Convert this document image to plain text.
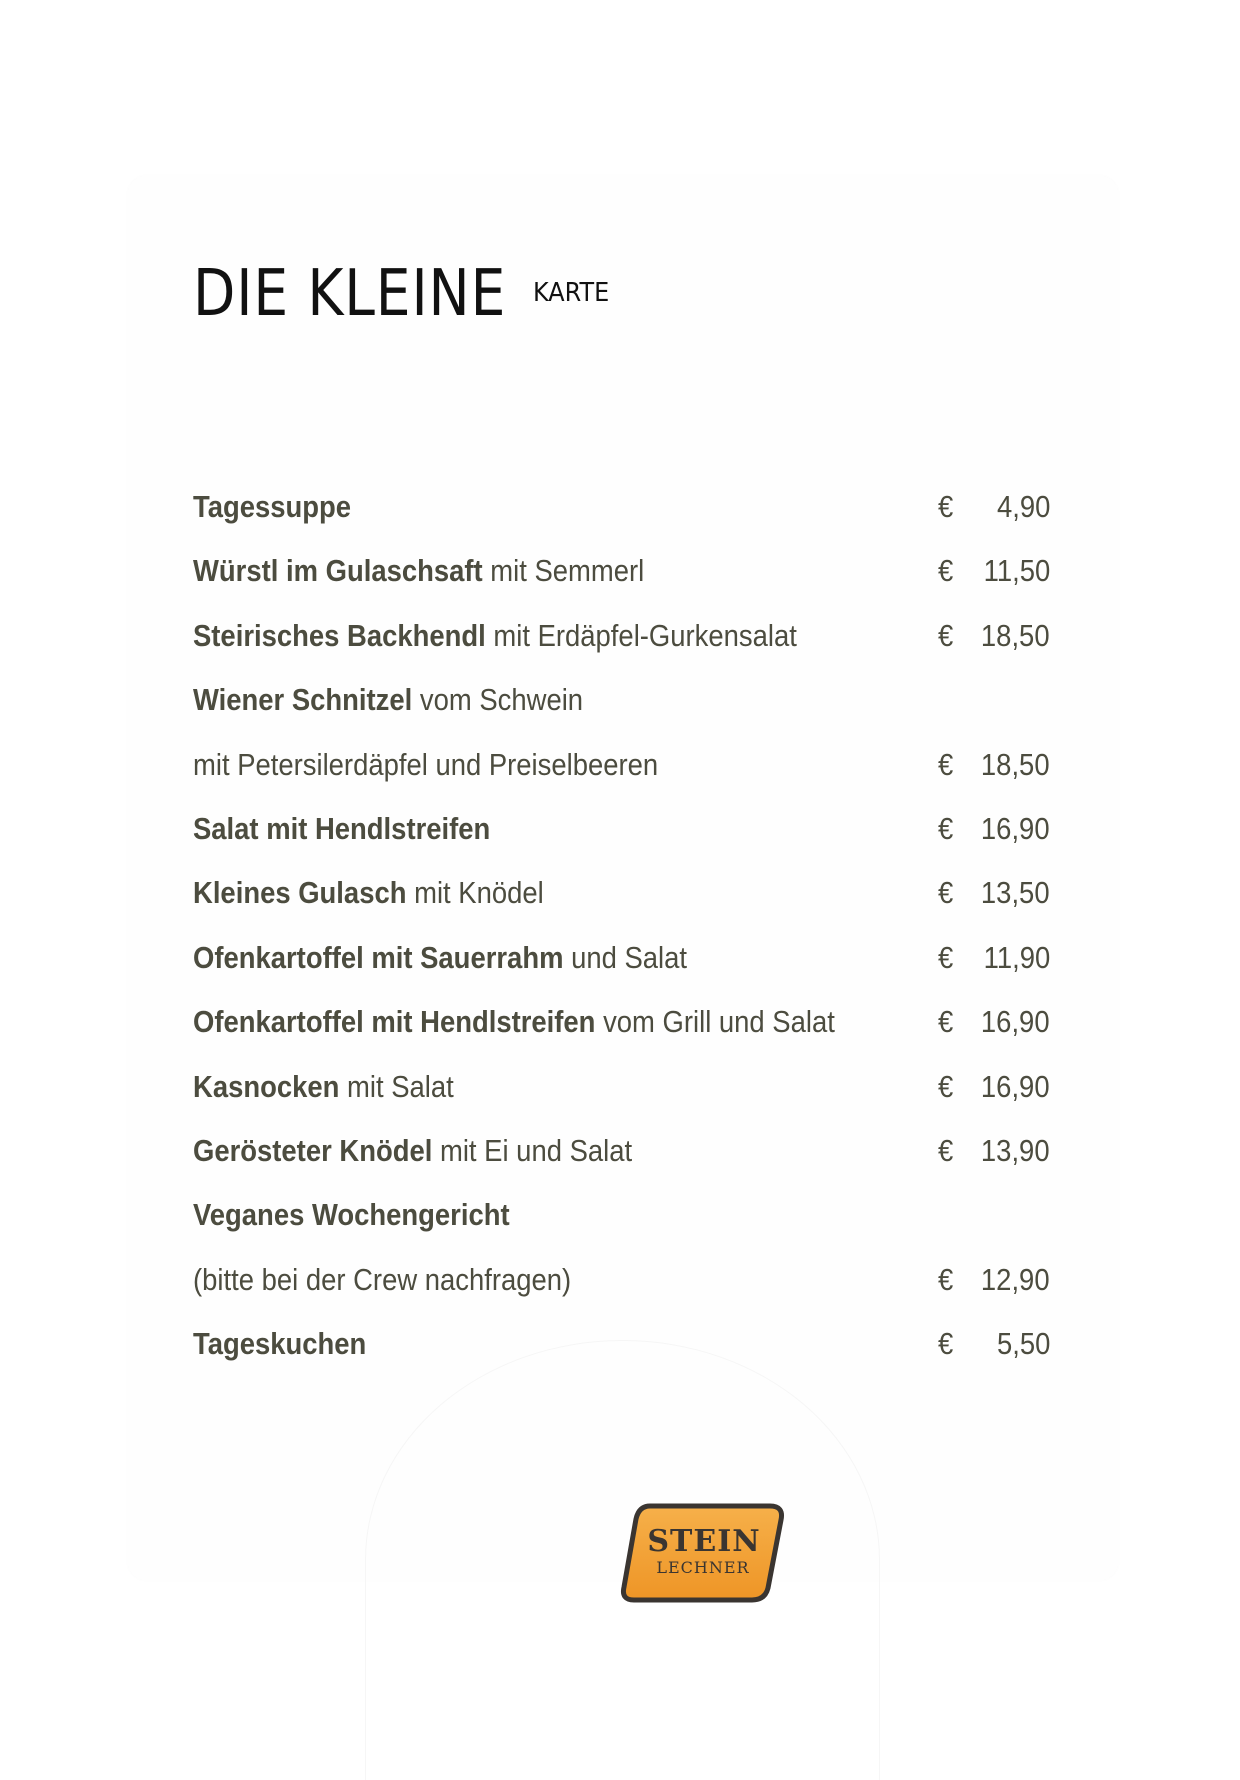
DIE KLEINE KARTE
Tagessuppe	€ 4,90
Würstl im Gulaschsaft mit Semmerl	€ 11,50
Steirisches Backhendl mit Erdäpfel-Gurkensalat	€ 18,50
Wiener Schnitzel vom Schwein
mit Petersilerdäpfel und Preiselbeeren	€ 18,50
Salat mit Hendlstreifen	€ 16,90
Kleines Gulasch mit Knödel	€ 13,50
Ofenkartoffel mit Sauerrahm und Salat	€ 11,90
Ofenkartoffel mit Hendlstreifen vom Grill und Salat	€ 16,90
Kasnocken mit Salat	€ 16,90
Gerösteter Knödel mit Ei und Salat	€ 13,90
Veganes Wochengericht
(bitte bei der Crew nachfragen)	€ 12,90
Tageskuchen	€ 5,50
STEIN
LECHNER
